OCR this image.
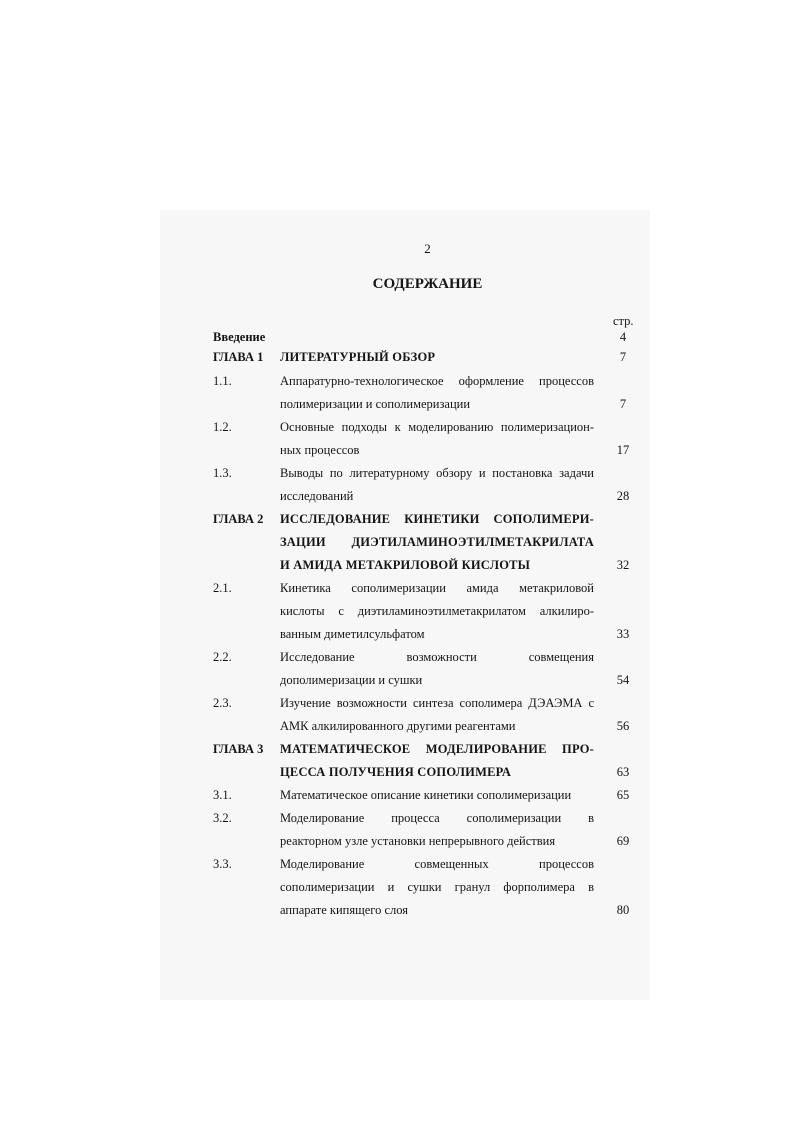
2
СОДЕРЖАНИЕ
стр.
Введение	4
ГЛАВА 1 ЛИТЕРАТУРНЫЙ ОБЗОР	7
1.1.	Аппаратурно-технологическое оформление процессов
полимеризации и сополимеризации	7
1.2.	Основные подходы к моделированию полимеризацион-
ных процессов	17
1.3.	Выводы по литературному обзору и постановка задачи
исследований	28
ГЛАВА 2 ИССЛЕДОВАНИЕ КИНЕТИКИ СОПОЛИМЕРИ-
ЗАЦИИ ДИЭТИЛАМИНОЭТИЛМЕТАКРИЛАТА
И АМИДА МЕТАКРИЛОВОЙ КИСЛОТЫ	32
2.1.	Кинетика сополимеризации амида метакриловой
кислоты с диэтиламиноэтилметакрилатом алкилиро-
ванным диметилсульфатом	33
2.2.	Исследование возможности совмещения
дополимеризации и сушки	54
2.3.	Изучение возможности синтеза сополимера ДЭАЭМА с
АМК алкилированного другими реагентами	56
ГЛАВА 3 МАТЕМАТИЧЕСКОЕ МОДЕЛИРОВАНИЕ ПРО-
ЦЕССА ПОЛУЧЕНИЯ СОПОЛИМЕРА	63
3.1.	Математическое описание кинетики сополимеризации	65
3.2.	Моделирование процесса сополимеризации в
реакторном узле установки непрерывного действия	69
3.3.	Моделирование совмещенных процессов
сополимеризации и сушки гранул форполимера в
аппарате кипящего слоя	80
